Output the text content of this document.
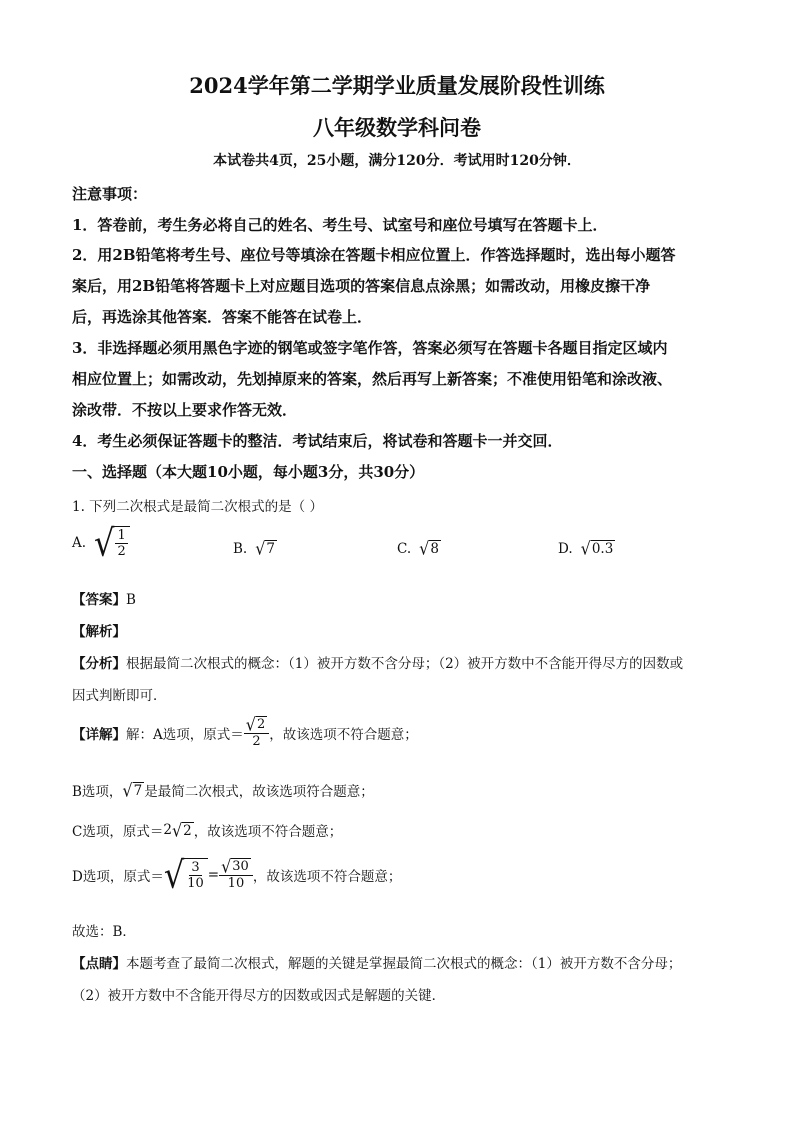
2024学年第二学期学业质量发展阶段性训练
八年级数学科问卷
本试卷共4页，25小题，满分120分．考试用时120分钟．
注意事项：
1．答卷前，考生务必将自己的姓名、考生号、试室号和座位号填写在答题卡上．
2．用2B铅笔将考生号、座位号等填涂在答题卡相应位置上．作答选择题时，选出每小题答
案后，用2B铅笔将答题卡上对应题目选项的答案信息点涂黑；如需改动，用橡皮擦干净
后，再选涂其他答案．答案不能答在试卷上．
3．非选择题必须用黑色字迹的钢笔或签字笔作答，答案必须写在答题卡各题目指定区域内
相应位置上；如需改动，先划掉原来的答案，然后再写上新答案；不准使用铅笔和涂改液、
涂改带．不按以上要求作答无效．
4．考生必须保证答题卡的整洁．考试结束后，将试卷和答题卡一并交回．
一、选择题（本大题10小题，每小题3分，共30分）
1. 下列二次根式是最简二次根式的是（ ）
A. √ $\frac{1}{2}$	B. √ 7	C. √ 8	D. √ 0.3
【答案】B
【解析】
【分析】根据最简二次根式的概念：（1）被开方数不含分母；（2）被开方数中不含能开得尽方的因数或
因式判断即可．
【详解】 解：A选项，原式＝ $\frac{√ 2}{2}$ ，故该选项不符合题意；
B选项， √ 7 是最简二次根式，故该选项符合题意；
C选项，原式＝ 2 √ 2 ，故该选项不符合题意；
D选项，原式＝ √ $\frac{3}{10} = \frac{√ 30}{10}$ ，故该选项不符合题意；
故选：B．
【点睛】本题考查了最简二次根式，解题的关键是掌握最简二次根式的概念：（1）被开方数不含分母；
（2）被开方数中不含能开得尽方的因数或因式是解题的关键．
